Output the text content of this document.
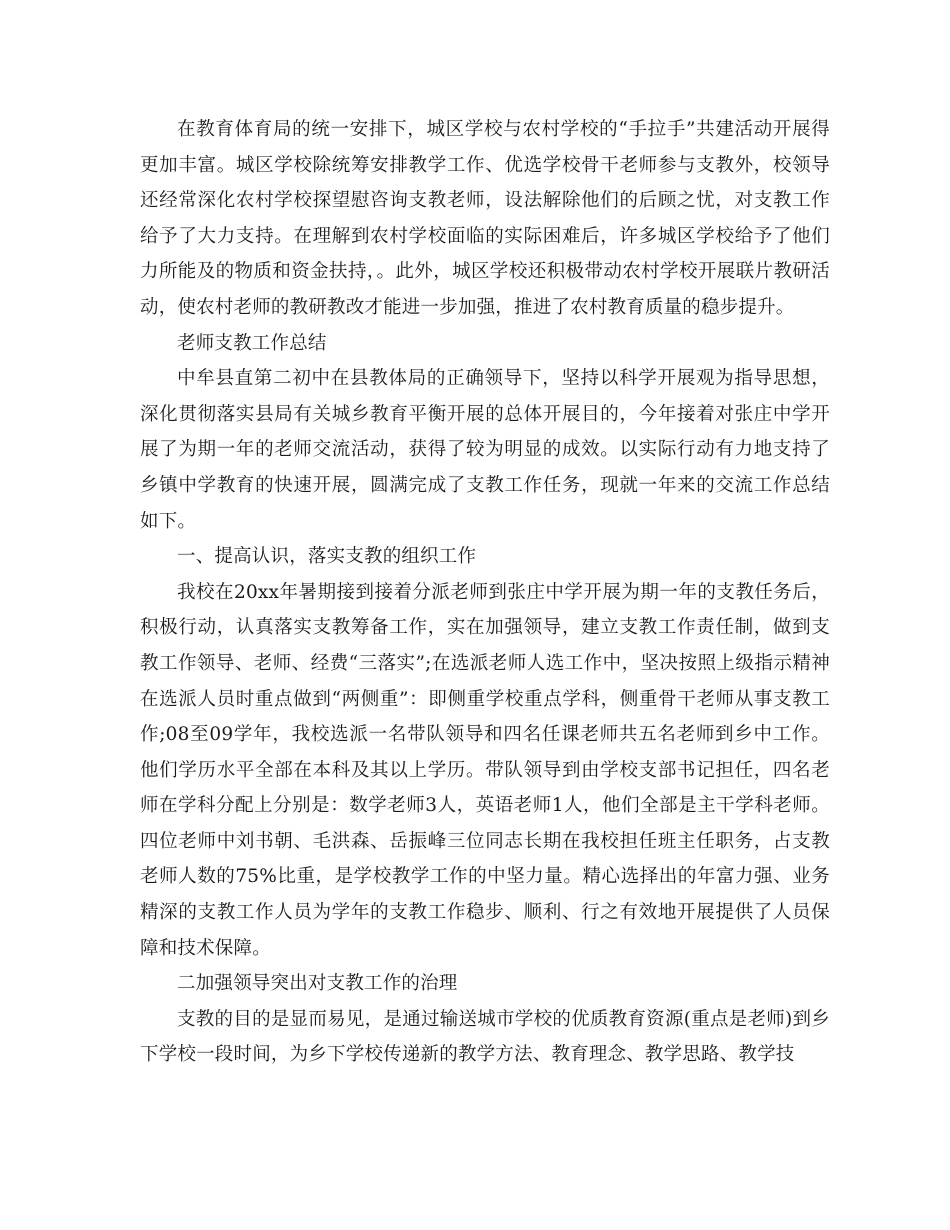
在教育体育局的统一安排下，城区学校与农村学校的“手拉手”共建活动开展得更加丰富。城区学校除统筹安排教学工作、优选学校骨干老师参与支教外，校领导还经常深化农村学校探望慰咨询支教老师，设法解除他们的后顾之忧，对支教工作给予了大力支持。在理解到农村学校面临的实际困难后，许多城区学校给予了他们力所能及的物质和资金扶持，。此外，城区学校还积极带动农村学校开展联片教研活动，使农村老师的教研教改才能进一步加强，推进了农村教育质量的稳步提升。

老师支教工作总结

中牟县直第二初中在县教体局的正确领导下，坚持以科学开展观为指导思想，深化贯彻落实县局有关城乡教育平衡开展的总体开展目的，今年接着对张庄中学开展了为期一年的老师交流活动，获得了较为明显的成效。以实际行动有力地支持了乡镇中学教育的快速开展，圆满完成了支教工作任务，现就一年来的交流工作总结如下。

一、提高认识，落实支教的组织工作

我校在20xx年暑期接到接着分派老师到张庄中学开展为期一年的支教任务后，积极行动，认真落实支教筹备工作，实在加强领导，建立支教工作责任制，做到支教工作领导、老师、经费“三落实”;在选派老师人选工作中，坚决按照上级指示精神在选派人员时重点做到“两侧重”：即侧重学校重点学科，侧重骨干老师从事支教工作;08至09学年，我校选派一名带队领导和四名任课老师共五名老师到乡中工作。他们学历水平全部在本科及其以上学历。带队领导到由学校支部书记担任，四名老师在学科分配上分别是：数学老师3人，英语老师1人，他们全部是主干学科老师。四位老师中刘书朝、毛洪森、岳振峰三位同志长期在我校担任班主任职务，占支教老师人数的75%比重，是学校教学工作的中坚力量。精心选择出的年富力强、业务精深的支教工作人员为学年的支教工作稳步、顺利、行之有效地开展提供了人员保障和技术保障。

二加强领导突出对支教工作的治理

支教的目的是显而易见，是通过输送城市学校的优质教育资源(重点是老师)到乡下学校一段时间，为乡下学校传递新的教学方法、教育理念、教学思路、教学技
